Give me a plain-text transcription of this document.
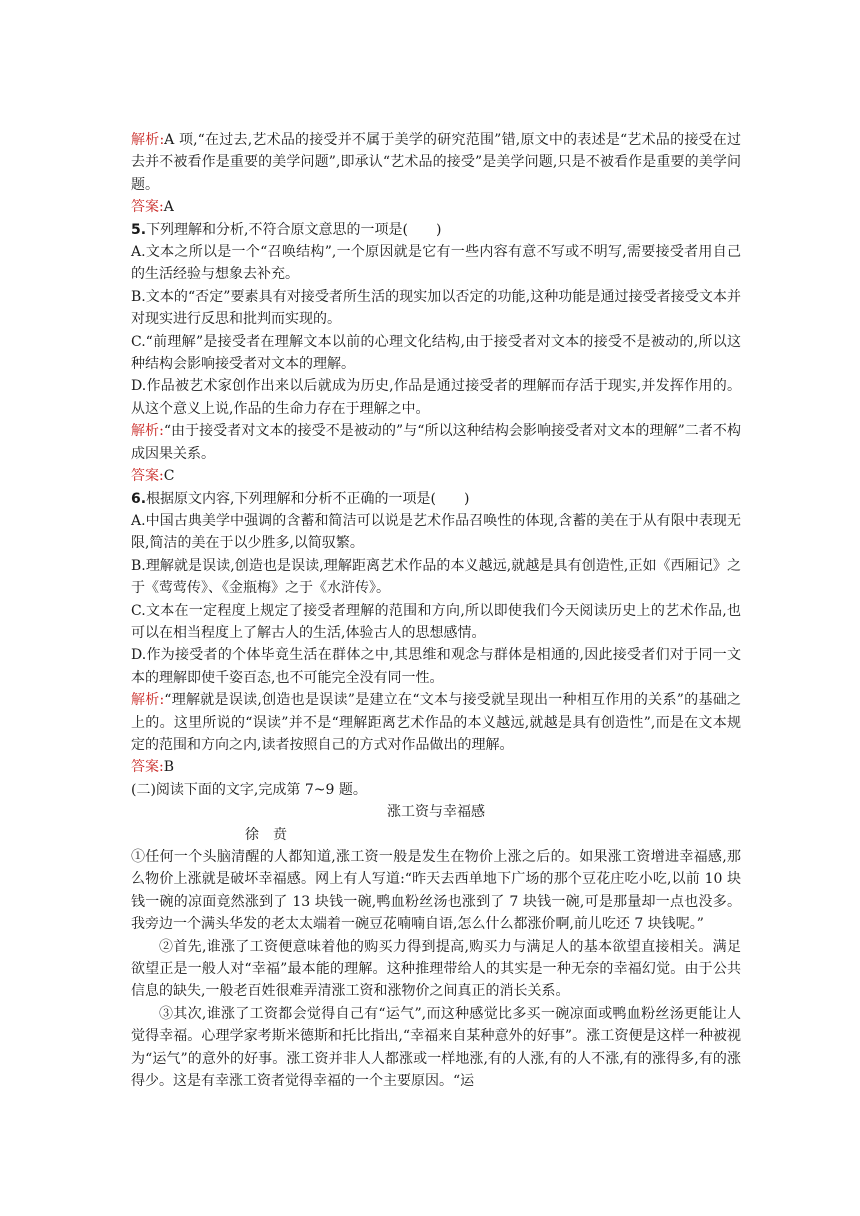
解析:A 项,“在过去,艺术品的接受并不属于美学的研究范围”错,原文中的表述是“艺术品的接受在过去并不被看作是重要的美学问题”,即承认“艺术品的接受”是美学问题,只是不被看作是重要的美学问题。

答案:A

5.下列理解和分析,不符合原文意思的一项是(　　)

A.文本之所以是一个“召唤结构”,一个原因就是它有一些内容有意不写或不明写,需要接受者用自己的生活经验与想象去补充。

B.文本的“否定”要素具有对接受者所生活的现实加以否定的功能,这种功能是通过接受者接受文本并对现实进行反思和批判而实现的。

C.“前理解”是接受者在理解文本以前的心理文化结构,由于接受者对文本的接受不是被动的,所以这种结构会影响接受者对文本的理解。

D.作品被艺术家创作出来以后就成为历史,作品是通过接受者的理解而存活于现实,并发挥作用的。从这个意义上说,作品的生命力存在于理解之中。

解析:“由于接受者对文本的接受不是被动的”与“所以这种结构会影响接受者对文本的理解”二者不构成因果关系。

答案:C

6.根据原文内容,下列理解和分析不正确的一项是(　　)

A.中国古典美学中强调的含蓄和简洁可以说是艺术作品召唤性的体现,含蓄的美在于从有限中表现无限,简洁的美在于以少胜多,以简驭繁。

B.理解就是误读,创造也是误读,理解距离艺术作品的本义越远,就越是具有创造性,正如《西厢记》之于《莺莺传》、《金瓶梅》之于《水浒传》。

C.文本在一定程度上规定了接受者理解的范围和方向,所以即使我们今天阅读历史上的艺术作品,也可以在相当程度上了解古人的生活,体验古人的思想感情。

D.作为接受者的个体毕竟生活在群体之中,其思维和观念与群体是相通的,因此接受者们对于同一文本的理解即使千姿百态,也不可能完全没有同一性。

解析:“理解就是误读,创造也是误读”是建立在“文本与接受就呈现出一种相互作用的关系”的基础之上的。这里所说的“误读”并不是“理解距离艺术作品的本义越远,就越是具有创造性”,而是在文本规定的范围和方向之内,读者按照自己的方式对作品做出的理解。

答案:B

(二)阅读下面的文字,完成第 7~9 题。

涨工资与幸福感

徐　贲

①任何一个头脑清醒的人都知道,涨工资一般是发生在物价上涨之后的。如果涨工资增进幸福感,那么物价上涨就是破坏幸福感。网上有人写道:“昨天去西单地下广场的那个豆花庄吃小吃,以前 10 块钱一碗的凉面竟然涨到了 13 块钱一碗,鸭血粉丝汤也涨到了 7 块钱一碗,可是那量却一点也没多。我旁边一个满头华发的老太太端着一碗豆花喃喃自语,怎么什么都涨价啊,前儿吃还 7 块钱呢。”

②首先,谁涨了工资便意味着他的购买力得到提高,购买力与满足人的基本欲望直接相关。满足欲望正是一般人对“幸福”最本能的理解。这种推理带给人的其实是一种无奈的幸福幻觉。由于公共信息的缺失,一般老百姓很难弄清涨工资和涨物价之间真正的消长关系。

③其次,谁涨了工资都会觉得自己有“运气”,而这种感觉比多买一碗凉面或鸭血粉丝汤更能让人觉得幸福。心理学家考斯米德斯和托比指出,“幸福来自某种意外的好事”。涨工资便是这样一种被视为“运气”的意外的好事。涨工资并非人人都涨或一样地涨,有的人涨,有的人不涨,有的涨得多,有的涨得少。这是有幸涨工资者觉得幸福的一个主要原因。“运
